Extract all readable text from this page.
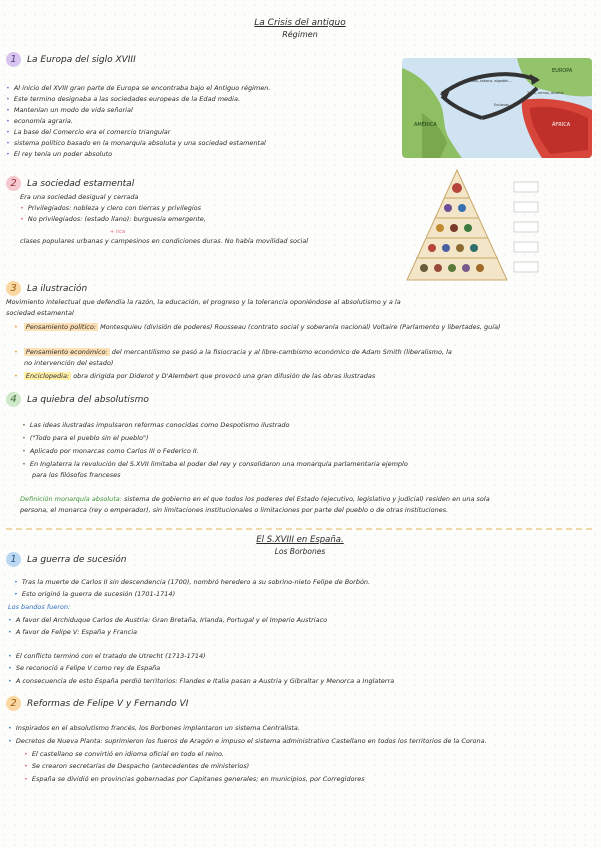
La Crisis del antiguo
Régimen
1 La Europa del siglo XVIII
• Al inicio del XVIII gran parte de Europa se encontraba bajo el Antiguo régimen.
• Este termino designaba a las sociedades europeas de la Edad media.
• Mantenían un modo de vida señorial
• economía agraria.
• La base del Comercio era el comercio triangular
• sistema político basado en la monarquía absoluta y una sociedad estamental
• El rey tenía un poder absoluto
EUROPA
AMÉRICA	ÁFRICA
Bebidas, tabaco, algodón...
Esclavos
Telas, armas, alcohol
2 La sociedad estamental
Era una sociedad desigual y cerrada
• Privilegiados: nobleza y clero con tierras y privilegios
• No privilegiados: (estado llano): burguesía emergente,
+ rica
clases populares urbanas y campesinos en condiciones duras. No había movilidad social
3 La ilustración
Movimiento intelectual que defendía la razón, la educación, el progreso y la tolerancia oponiéndose al absolutismo y a la
sociedad estamental
• Pensamiento político: Montesquieu (división de poderes) Rousseau (contrato social y soberanía nacional) Voltaire (Parlamento y libertades, guía)
• Pensamiento económico: del mercantilismo se pasó a la fisiocracia y al libre-cambismo económico de Adam Smith (liberalismo, la
no intervención del estado)
• Enciclopedia: obra dirigida por Diderot y D'Alembert que provocó una gran difusión de las obras ilustradas
4 La quiebra del absolutismo
• Las ideas ilustradas impulsaron reformas conocidas como Despotismo ilustrado
• ("Todo para el pueblo sin el pueblo")
• Aplicado por monarcas como Carlos III o Federico II.
• En Inglaterra la revolución del S.XVII limitaba el poder del rey y consolidaron una monarquía parlamentaria ejemplo
para los filósofos franceses
Definición monarquía absoluta: sistema de gobierno en el que todos los poderes del Estado (ejecutivo, legislativo y judicial) residen en una sola
persona, el monarca (rey o emperador), sin limitaciones institucionales o limitaciones por parte del pueblo o de otras instituciones.
El S.XVIII en España.
Los Borbones
1 La guerra de sucesión
• Tras la muerte de Carlos II sin descendencia (1700), nombró heredero a su sobrino-nieto Felipe de Borbón.
• Esto originó la guerra de sucesión (1701-1714)
Los bandos fueron:
• A favor del Archiduque Carlos de Austria: Gran Bretaña, Irlanda, Portugal y el Imperio Austriaco
• A favor de Felipe V: España y Francia
• El conflicto terminó con el tratado de Utrecht (1713-1714)
• Se reconoció a Felipe V como rey de España
• A consecuencia de esto España perdió territorios: Flandes e Italia pasan a Austria y Gibraltar y Menorca a Inglaterra
2 Reformas de Felipe V y Fernando VI
• Inspirados en el absolutismo francés, los Borbones implantaron un sistema Centralista.
• Decretos de Nueva Planta: suprimieron los fueros de Aragón e impuso el sistema administrativo Castellano en todos los territorios de la Corona.
• El castellano se convirtió en idioma oficial en todo el reino.
• Se crearon secretarías de Despacho (antecedentes de ministerios)
• España se dividió en provincias gobernadas por Capitanes generales; en municipios, por Corregidores
